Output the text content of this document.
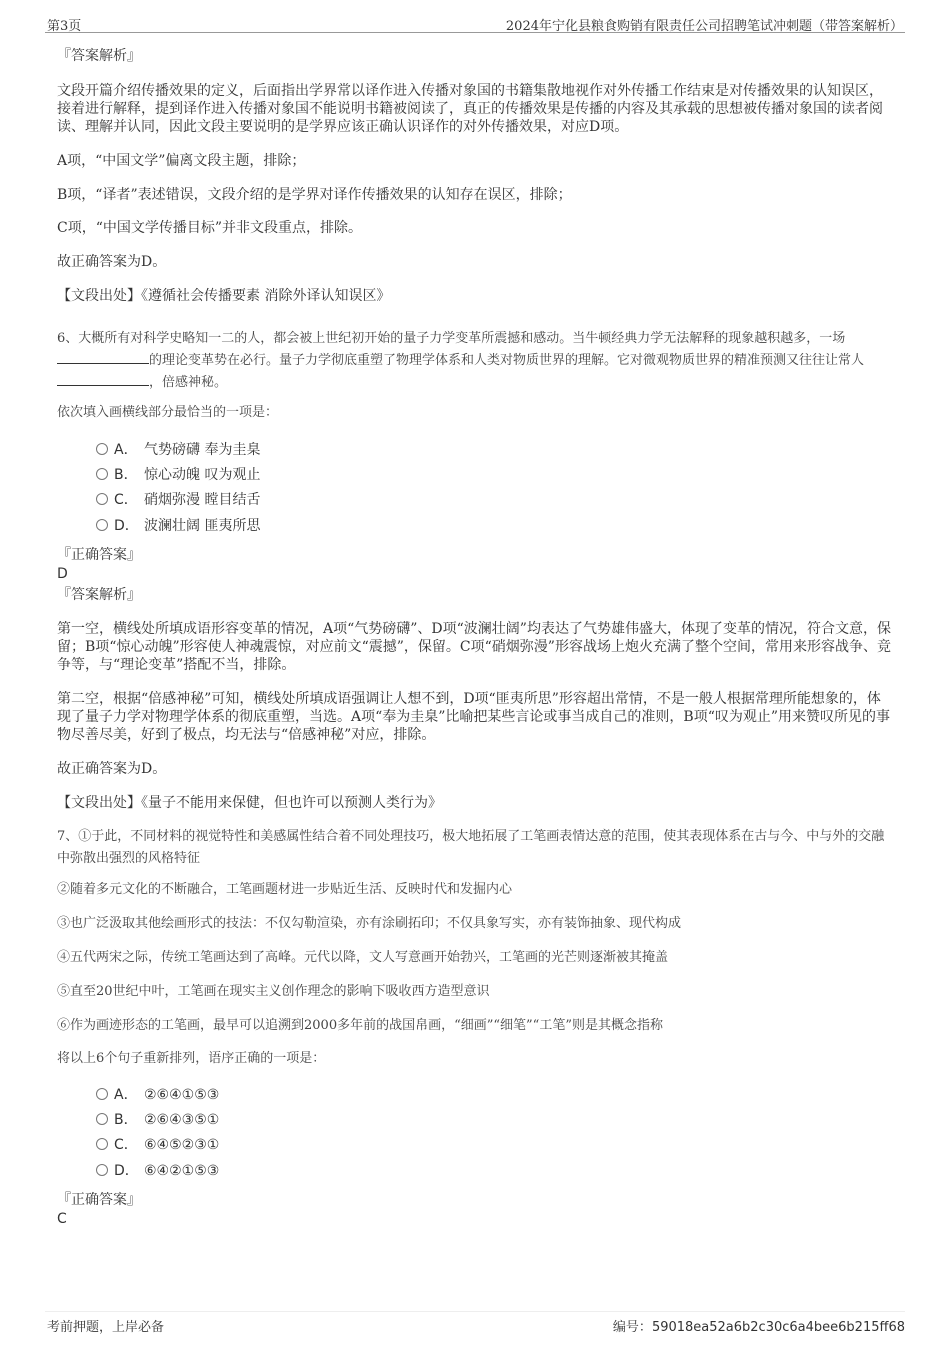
第3页	2024年宁化县粮食购销有限责任公司招聘笔试冲刺题（带答案解析）
『答案解析』
文段开篇介绍传播效果的定义，后面指出学界常以译作进入传播对象国的书籍集散地视作对外传播工作结束是对传播效果的认知误区，接着进行解释，提到译作进入传播对象国不能说明书籍被阅读了，真正的传播效果是传播的内容及其承载的思想被传播对象国的读者阅读、理解并认同，因此文段主要说明的是学界应该正确认识译作的对外传播效果，对应D项。
A项，“中国文学”偏离文段主题，排除；
B项，“译者”表述错误，文段介绍的是学界对译作传播效果的认知存在误区，排除；
C项，“中国文学传播目标”并非文段重点，排除。
故正确答案为D。
【文段出处】《遵循社会传播要素 消除外译认知误区》
6、大概所有对科学史略知一二的人，都会被上世纪初开始的量子力学变革所震撼和感动。当牛顿经典力学无法解释的现象越积越多，一场的理论变革势在必行。量子力学彻底重塑了物理学体系和人类对物质世界的理解。它对微观物质世界的精准预测又往往让常人，倍感神秘。
依次填入画横线部分最恰当的一项是：
A． 气势磅礴 奉为圭臬
B． 惊心动魄 叹为观止
C． 硝烟弥漫 瞠目结舌
D． 波澜壮阔 匪夷所思
『正确答案』
D
『答案解析』
第一空，横线处所填成语形容变革的情况，A项“气势磅礴”、D项“波澜壮阔”均表达了气势雄伟盛大，体现了变革的情况，符合文意，保留；B项“惊心动魄”形容使人神魂震惊，对应前文“震撼”，保留。C项“硝烟弥漫”形容战场上炮火充满了整个空间，常用来形容战争、竞争等，与“理论变革”搭配不当，排除。
第二空，根据“倍感神秘”可知，横线处所填成语强调让人想不到，D项“匪夷所思”形容超出常情，不是一般人根据常理所能想象的，体现了量子力学对物理学体系的彻底重塑，当选。A项“奉为圭臬”比喻把某些言论或事当成自己的准则，B项“叹为观止”用来赞叹所见的事物尽善尽美，好到了极点，均无法与“倍感神秘”对应，排除。
故正确答案为D。
【文段出处】《量子不能用来保健，但也许可以预测人类行为》
7、①于此，不同材料的视觉特性和美感属性结合着不同处理技巧，极大地拓展了工笔画表情达意的范围，使其表现体系在古与今、中与外的交融中弥散出强烈的风格特征
②随着多元文化的不断融合，工笔画题材进一步贴近生活、反映时代和发掘内心
③也广泛汲取其他绘画形式的技法：不仅勾勒渲染，亦有涂刷拓印；不仅具象写实，亦有装饰抽象、现代构成
④五代两宋之际，传统工笔画达到了高峰。元代以降，文人写意画开始勃兴，工笔画的光芒则逐渐被其掩盖
⑤直至20世纪中叶，工笔画在现实主义创作理念的影响下吸收西方造型意识
⑥作为画迹形态的工笔画，最早可以追溯到2000多年前的战国帛画，“细画”“细笔”“工笔”则是其概念指称
将以上6个句子重新排列，语序正确的一项是：
A． ②⑥④①⑤③
B． ②⑥④③⑤①
C． ⑥④⑤②③①
D． ⑥④②①⑤③
『正确答案』
C
考前押题，上岸必备	编号：59018ea52a6b2c30c6a4bee6b215ff68
